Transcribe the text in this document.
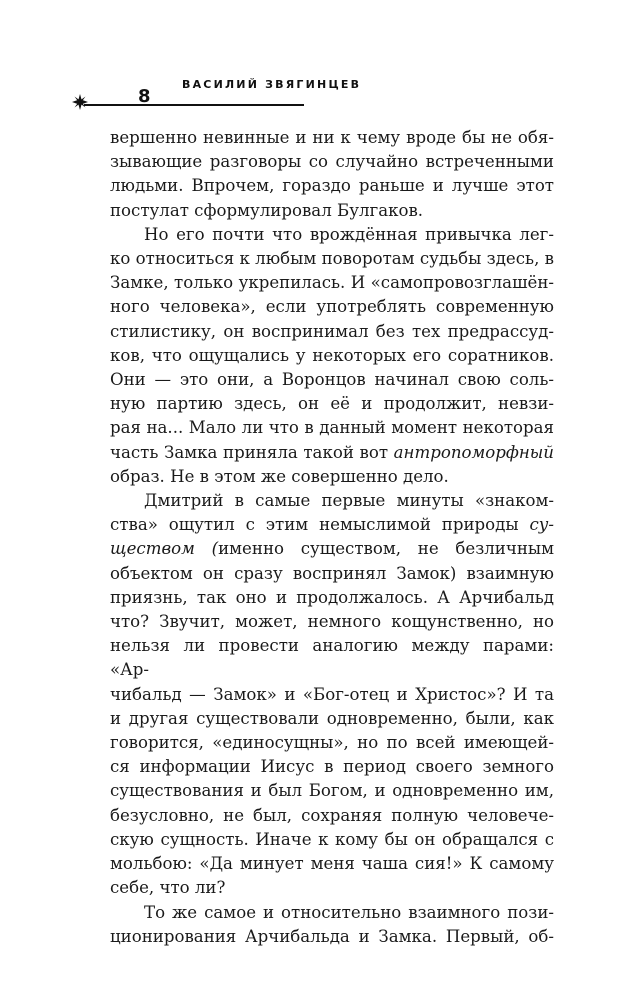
8
ВАСИЛИЙ ЗВЯГИНЦЕВ
вершенно невинные и ни к чему вроде бы не обя-
зывающие разговоры со случайно встреченными
людьми. Впрочем, гораздо раньше и лучше этот
постулат сформулировал Булгаков.
Но его почти что врождённая привычка лег-
ко относиться к любым поворотам судьбы здесь, в
Замке, только укрепилась. И «самопровозглашён-
ного человека», если употреблять современную
стилистику, он воспринимал без тех предрассуд-
ков, что ощущались у некоторых его соратников.
Они — это они, а Воронцов начинал свою соль-
ную партию здесь, он её и продолжит, невзи-
рая на... Мало ли что в данный момент некоторая
часть Замка приняла такой вот антропоморфный
образ. Не в этом же совершенно дело.
Дмитрий в самые первые минуты «знаком-
ства» ощутил с этим немыслимой природы су-
ществом (именно существом, не безличным
объектом он сразу воспринял Замок) взаимную
приязнь, так оно и продолжалось. А Арчибальд
что? Звучит, может, немного кощунственно, но
нельзя ли провести аналогию между парами: «Ар-
чибальд — Замок» и «Бог-отец и Христос»? И та
и другая существовали одновременно, были, как
говорится, «единосущны», но по всей имеющей-
ся информации Иисус в период своего земного
существования и был Богом, и одновременно им,
безусловно, не был, сохраняя полную человече-
скую сущность. Иначе к кому бы он обращался с
мольбою: «Да минует меня чаша сия!» К самому
себе, что ли?
То же самое и относительно взаимного пози-
ционирования Арчибальда и Замка. Первый, об-
